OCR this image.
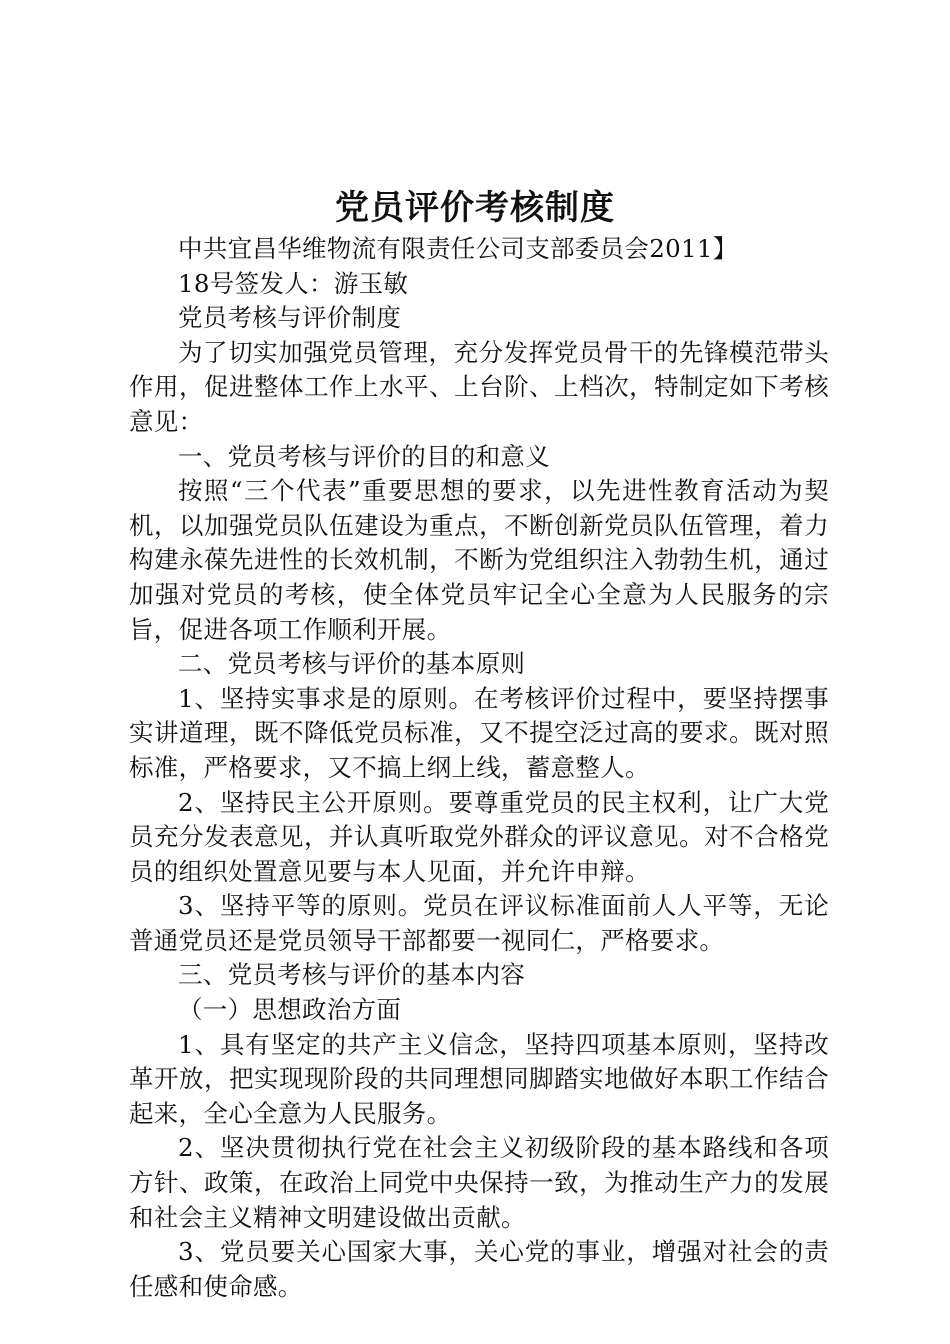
党员评价考核制度

中共宜昌华维物流有限责任公司支部委员会2011】

18号签发人：游玉敏

党员考核与评价制度

为了切实加强党员管理，充分发挥党员骨干的先锋模范带头作用，促进整体工作上水平、上台阶、上档次，特制定如下考核意见：

一、党员考核与评价的目的和意义

按照“三个代表”重要思想的要求，以先进性教育活动为契机，以加强党员队伍建设为重点，不断创新党员队伍管理，着力构建永葆先进性的长效机制，不断为党组织注入勃勃生机，通过加强对党员的考核，使全体党员牢记全心全意为人民服务的宗旨，促进各项工作顺利开展。

二、党员考核与评价的基本原则

1、坚持实事求是的原则。在考核评价过程中，要坚持摆事实讲道理，既不降低党员标准，又不提空泛过高的要求。既对照标准，严格要求，又不搞上纲上线，蓄意整人。

2、坚持民主公开原则。要尊重党员的民主权利，让广大党员充分发表意见，并认真听取党外群众的评议意见。对不合格党员的组织处置意见要与本人见面，并允许申辩。

3、坚持平等的原则。党员在评议标准面前人人平等，无论普通党员还是党员领导干部都要一视同仁，严格要求。

三、党员考核与评价的基本内容

（一）思想政治方面

1、具有坚定的共产主义信念，坚持四项基本原则，坚持改革开放，把实现现阶段的共同理想同脚踏实地做好本职工作结合起来，全心全意为人民服务。

2、坚决贯彻执行党在社会主义初级阶段的基本路线和各项方针、政策，在政治上同党中央保持一致，为推动生产力的发展和社会主义精神文明建设做出贡献。

3、党员要关心国家大事，关心党的事业，增强对社会的责任感和使命感。
